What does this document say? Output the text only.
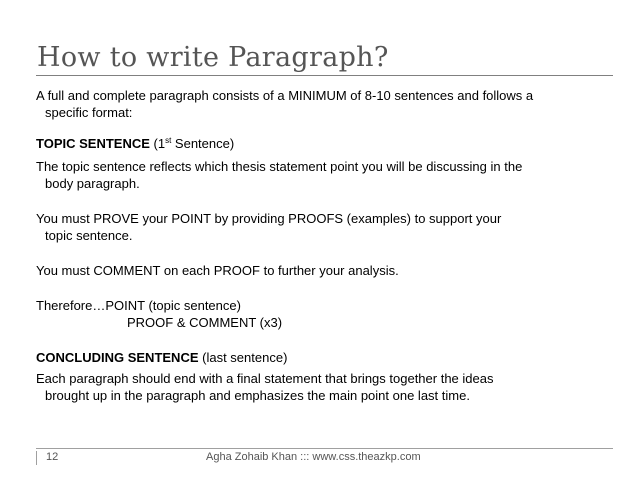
How to write Paragraph?
A full and complete paragraph consists of a MINIMUM of 8-10 sentences and follows a
specific format:
TOPIC SENTENCE (1st Sentence)
The topic sentence reflects which thesis statement point you will be discussing in the
body paragraph.
You must PROVE your POINT by providing PROOFS (examples) to support your
topic sentence.
You must COMMENT on each PROOF to further your analysis.
Therefore…POINT (topic sentence)
PROOF & COMMENT (x3)
CONCLUDING SENTENCE (last sentence)
Each paragraph should end with a final statement that brings together the ideas
brought up in the paragraph and emphasizes the main point one last time.
12	Agha Zohaib Khan ::: www.css.theazkp.com
